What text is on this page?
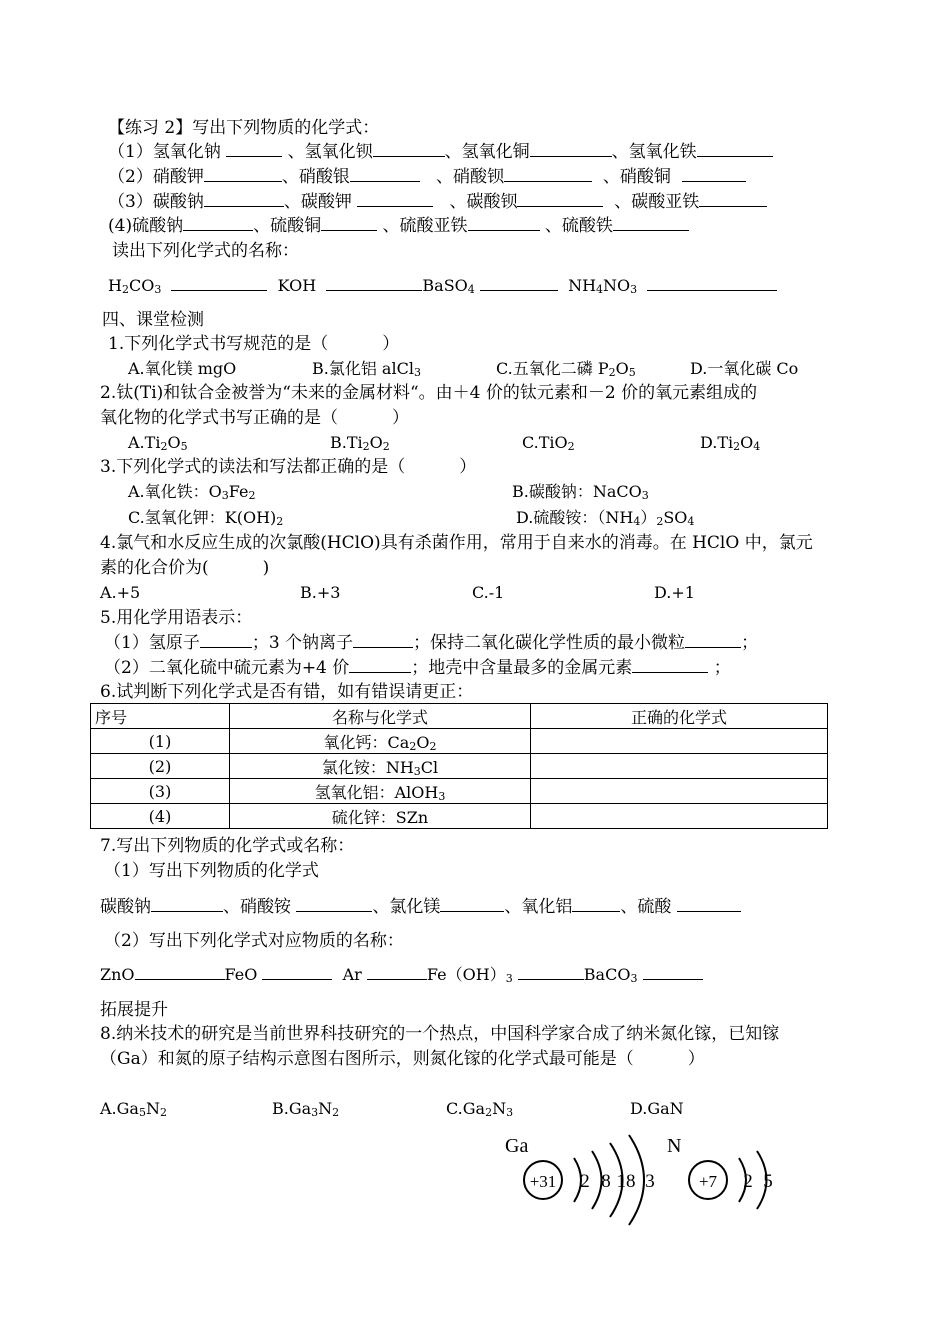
【练习 2】写出下列物质的化学式：
（1）氢氧化钠	、氢氧化钡	、氢氧化铜	、氢氧化铁
（2）硝酸钾	、硝酸银	、硝酸钡	、硝酸铜
（3）碳酸钠	、碳酸钾	、碳酸钡	、碳酸亚铁
(4)硫酸钠	、硫酸铜	、硫酸亚铁	、硫酸铁
读出下列化学式的名称：
$H_2CO_3$	KOH	BaSO$_4$	$NH_4NO_3$
四、课堂检测
1.下列化学式书写规范的是（          ）
A.氧化镁 mgO	B.氯化铝 alCl$_3$	C.五氧化二磷 $P_2O_5$	D.一氧化碳 Co
2.钛(Ti)和钛合金被誉为“未来的金属材料“。由＋4 价的钛元素和－2 价的氧元素组成的
氧化物的化学式书写正确的是（          ）
$A.Ti_2O_5$	$B.Ti_2O_2$	C.TiO$_2$	$D.Ti_2O_4$
3.下列化学式的读法和写法都正确的是（          ）
A.氧化铁：$O_3Fe_2$	B.碳酸钠：NaCO$_3$
C.氢氧化钾：$K(OH)_2$	D.硫酸铵：$(NH_4)_2SO_4$
4.氯气和水反应生成的次氯酸(HClO)具有杀菌作用，常用于自来水的消毒。在 HClO 中，氯元
素的化合价为(          )
A.+5	B.+3	C.-1	D.+1
5.用化学用语表示：
（1）氢原子	；3 个钠离子	；保持二氧化碳化学性质的最小微粒	；
（2）二氧化硫中硫元素为+4 价	；地壳中含量最多的金属元素	；
6.试判断下列化学式是否有错，如有错误请更正：
序号	名称与化学式	正确的化学式
(1)	氧化钙：$Ca_2O_2$	
(2)	氯化铵：$NH_3Cl$	
(3)	氢氧化铝：AlOH$_3$	
(4)	硫化锌：SZn	
7.写出下列物质的化学式或名称：
（1）写出下列物质的化学式
碳酸钠	、硝酸铵	、氯化镁	、氧化铝	、硫酸
（2）写出下列化学式对应物质的名称：
ZnO	FeO	Ar	$Fe(OH)_3$	BaCO$_3$
拓展提升
8.纳米技术的研究是当前世界科技研究的一个热点，中国科学家合成了纳米氮化镓，已知镓
（Ga）和氮的原子结构示意图右图所示，则氮化镓的化学式最可能是（          ）
$A.Ga_5N_2$	$B.Ga_3N_2$	$C.Ga_2N_3$	D.GaN
Ga
+31 2 8 18 3
N
+7 2 5
